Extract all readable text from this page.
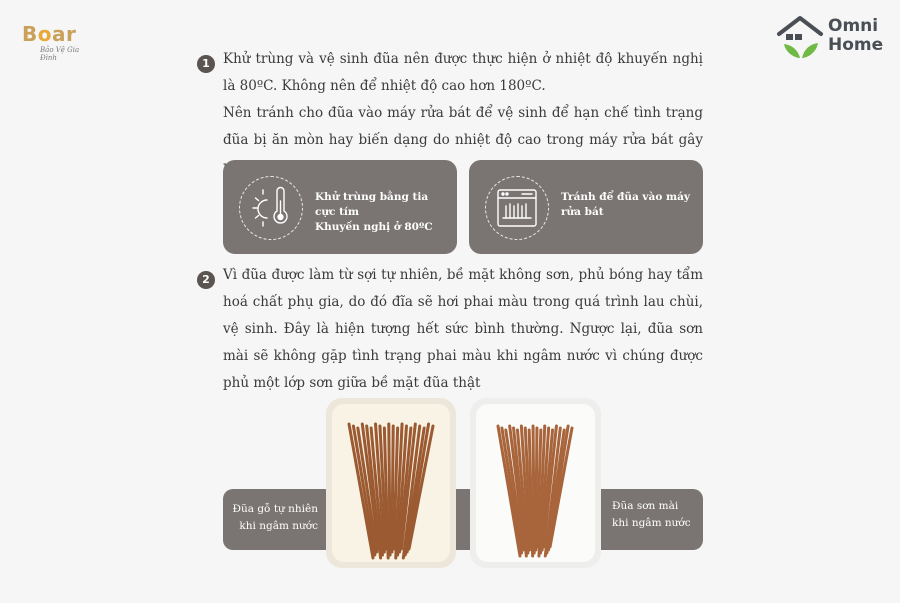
Boar
Bảo Vệ Gia Đình
Omni
Home
1 Khử trùng và vệ sinh đũa nên được thực hiện ở nhiệt độ khuyến nghị là 80ºC. Không nên để nhiệt độ cao hơn 180ºC.

Nên tránh cho đũa vào máy rửa bát để vệ sinh để hạn chế tình trạng đũa bị ăn mòn hay biến dạng do nhiệt độ cao trong máy rửa bát gây

Khử trùng bằng tia cực tím
Khuyến nghị ở 80ºC
Tránh để đũa vào máy rửa bát
2 Vì đũa được làm từ sợi tự nhiên, bề mặt không sơn, phủ bóng hay tẩm hoá chất phụ gia, do đó đĩa sẽ hơi phai màu trong quá trình lau chùi, vệ sinh. Đây là hiện tượng hết sức bình thường. Ngược lại, đũa sơn mài sẽ không gặp tình trạng phai màu khi ngâm nước vì chúng được phủ một lớp sơn giữa bề mặt đũa thật

Đũa gỗ tự nhiên
khi ngâm nước
Đũa sơn mài
khi ngâm nước
